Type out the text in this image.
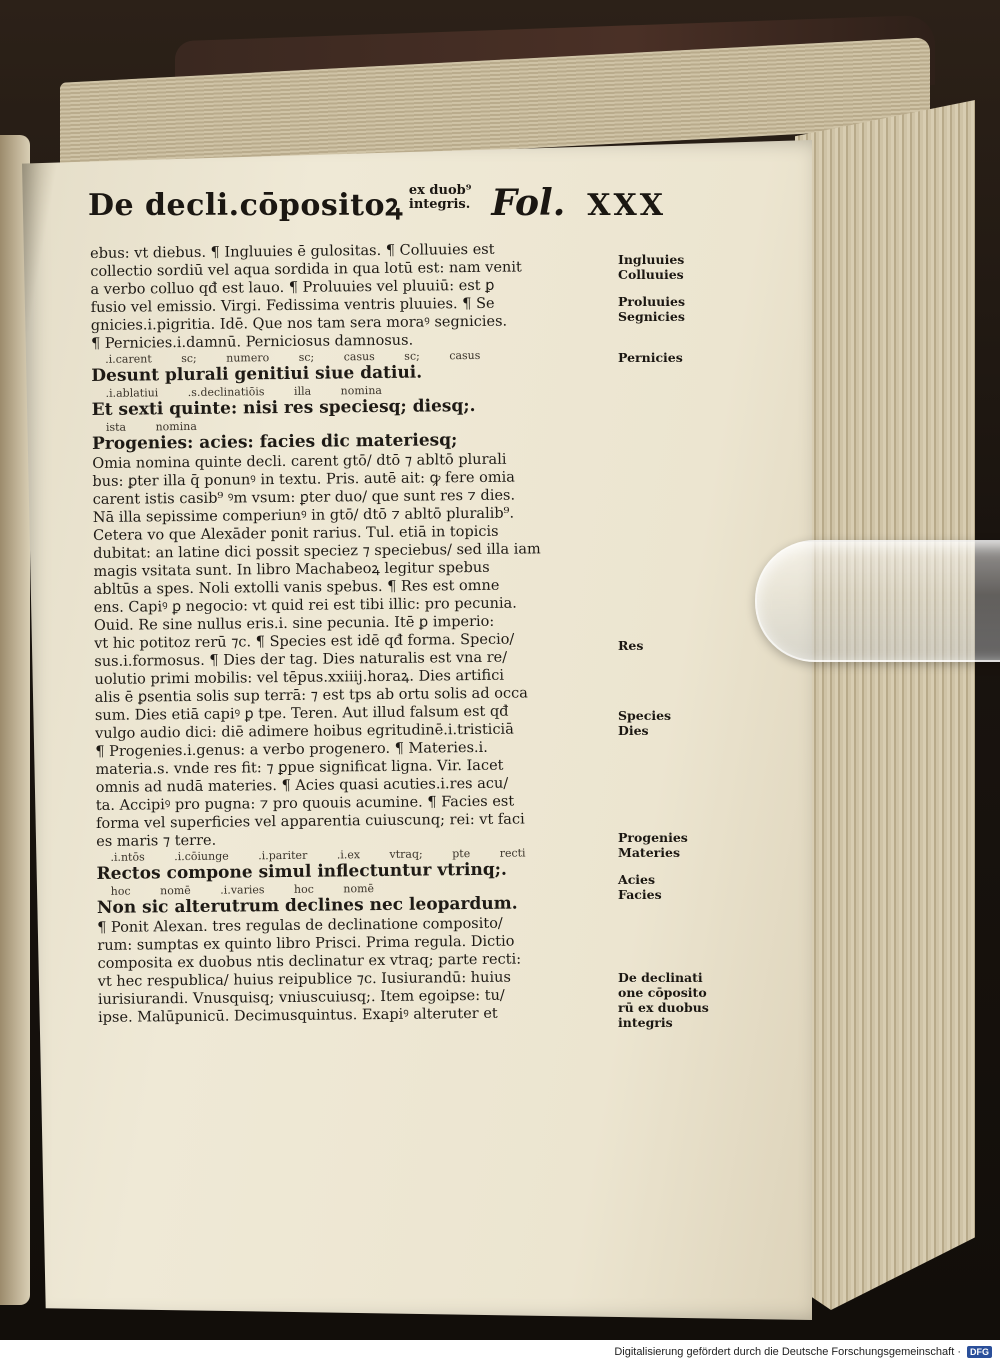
De decli.cōpositoꝝ ex duob⁹
integris. Fol. XXX
ebus: vt diebus. ¶ Ingluuies ē gulositas. ¶ Colluuies est
collectio sordiū vel aqua sordida in qua lotū est: nam venit
a verbo colluo qđ est lauo. ¶ Proluuies vel pluuiū: est ꝑ
fusio vel emissio. Virgi. Fedissima ventris pluuies. ¶ Se
gnicies.i.pigritia. Idē. Que nos tam sera moraꝰ segnicies.
¶ Pernicies.i.damnū. Perniciosus damnosus.
.i.carent sc; numero sc; casus sc; casus
Desunt plurali genitiui siue datiui.
.i.ablatiui .s.declinatiōis illa nomina
Et sexti quinte: nisi res speciesq; diesq;.
ista nomina
Progenies: acies: facies dic materiesq;
Omia nomina quinte decli. carent gtō/ dtō ⁊ abltō plurali
bus: ꝑter illa q̄ ponunꝰ in textu. Pris. autē ait: ꝙ fere omia
carent istis casib⁹ ꝰm vsum: ꝑter duo/ que sunt res ⁊ dies.
Nā illa sepissime comperiunꝰ in gtō/ dtō ⁊ abltō pluralib⁹.
Cetera vo que Alexāder ponit rarius. Tul. etiā in topicis
dubitat: an latine dici possit speciez ⁊ speciebus/ sed illa iam
magis vsitata sunt. In libro Machabeoꝝ legitur spebus
abltūs a spes. Noli extolli vanis spebus. ¶ Res est omne
ens. Capiꝰ ꝑ negocio: vt quid rei est tibi illic: pro pecunia.
Ouid. Re sine nullus eris.i. sine pecunia. Itē ꝑ imperio:
vt hic potitoz rerū ⁊c. ¶ Species est idē qđ forma. Specio/
sus.i.formosus. ¶ Dies der tag. Dies naturalis est vna re/
uolutio primi mobilis: vel tēpus.xxiiij.horaꝝ. Dies artifici
alis ē ꝑsentia solis sup terrā: ⁊ est tps ab ortu solis ad occa
sum. Dies etiā capiꝰ ꝑ tpe. Teren. Aut illud falsum est qđ
vulgo audio dici: diē adimere hoibus egritudinē.i.tristiciā
¶ Progenies.i.genus: a verbo progenero. ¶ Materies.i.
materia.s. vnde res fit: ⁊ ꝑpue significat ligna. Vir. Iacet
omnis ad nudā materies. ¶ Acies quasi acuties.i.res acu/
ta. Accipiꝰ pro pugna: ⁊ pro quouis acumine. ¶ Facies est
forma vel superficies vel apparentia cuiuscunq; rei: vt faci
es maris ⁊ terre.
.i.ntōs .i.cōiunge .i.pariter .i.ex vtraq; pte recti
Rectos compone simul inflectuntur vtrinq;.
hoc nomē .i.varies hoc nomē
Non sic alterutrum declines nec leopardum.
¶ Ponit Alexan. tres regulas de declinatione composito/
rum: sumptas ex quinto libro Prisci. Prima regula. Dictio
composita ex duobus ntis declinatur ex vtraq; parte recti:
vt hec respublica/ huius reipublice ⁊c. Iusiurandū: huius
iurisiurandi. Vnusquisq; vniuscuiusq;. Item egoipse: tu/
ipse. Malūpunicū. Decimusquintus. Exapiꝰ alteruter et
Ingluuies
Colluuies
Proluuies
Segnicies
Pernicies
Res
Species
Dies
Progenies
Materies
Acies
Facies
De declinati
one cōposito
rū ex duobus
integris
Digitalisierung gefördert durch die Deutsche Forschungsgemeinschaft ·	DFG
